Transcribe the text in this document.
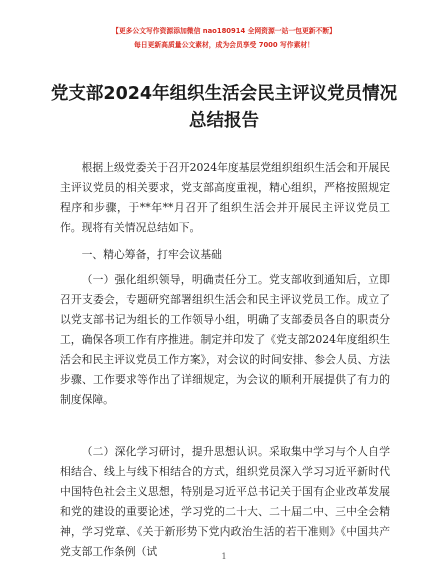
【更多公文写作资源添加微信 nao180914 全网资源一站一包更新不断】
每日更新高质量公文素材，成为会员享受 7000 写作素材！
党支部2024年组织生活会民主评议党员情况总结报告
根据上级党委关于召开2024年度基层党组织组织生活会和开展民主评议党员的相关要求，党支部高度重视，精心组织，严格按照规定程序和步骤，于**年**月召开了组织生活会并开展民主评议党员工作。现将有关情况总结如下。
一、精心筹备，打牢会议基础
（一）强化组织领导，明确责任分工。党支部收到通知后，立即召开支委会，专题研究部署组织生活会和民主评议党员工作。成立了以党支部书记为组长的工作领导小组，明确了支部委员各自的职责分工，确保各项工作有序推进。制定并印发了《党支部2024年度组织生活会和民主评议党员工作方案》，对会议的时间安排、参会人员、方法步骤、工作要求等作出了详细规定，为会议的顺利开展提供了有力的制度保障。
（二）深化学习研讨，提升思想认识。采取集中学习与个人自学相结合、线上与线下相结合的方式，组织党员深入学习习近平新时代中国特色社会主义思想，特别是习近平总书记关于国有企业改革发展和党的建设的重要论述，学习党的二十大、二十届二中、三中全会精神，学习党章、《关于新形势下党内政治生活的若干准则》《中国共产党支部工作条例（试	1
